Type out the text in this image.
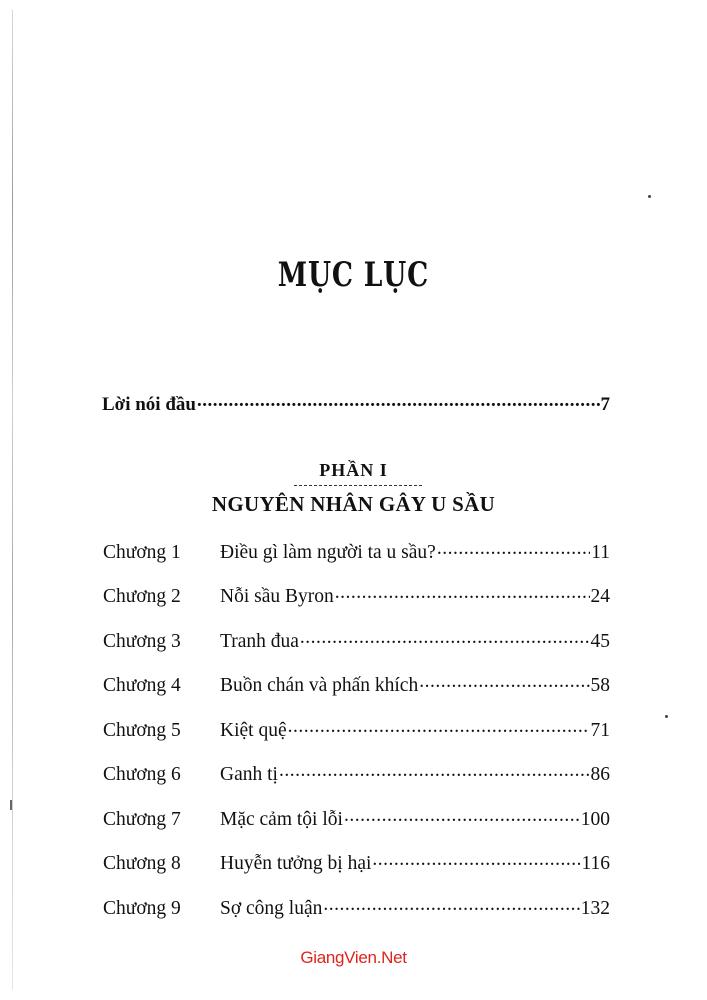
MỤC LỤC
Lời nói đầu .....	7
PHẦN I
NGUYÊN NHÂN GÂY U SẦU
Chương 1	Điều gì làm người ta u sầu? .....	11
Chương 2	Nỗi sầu Byron .....	24
Chương 3	Tranh đua .....	45
Chương 4	Buồn chán và phấn khích .....	58
Chương 5	Kiệt quệ .....	71
Chương 6	Ganh tị .....	86
Chương 7	Mặc cảm tội lỗi .....	100
Chương 8	Huyễn tưởng bị hại .....	116
Chương 9	Sợ công luận .....	132
GiangVien.Net
